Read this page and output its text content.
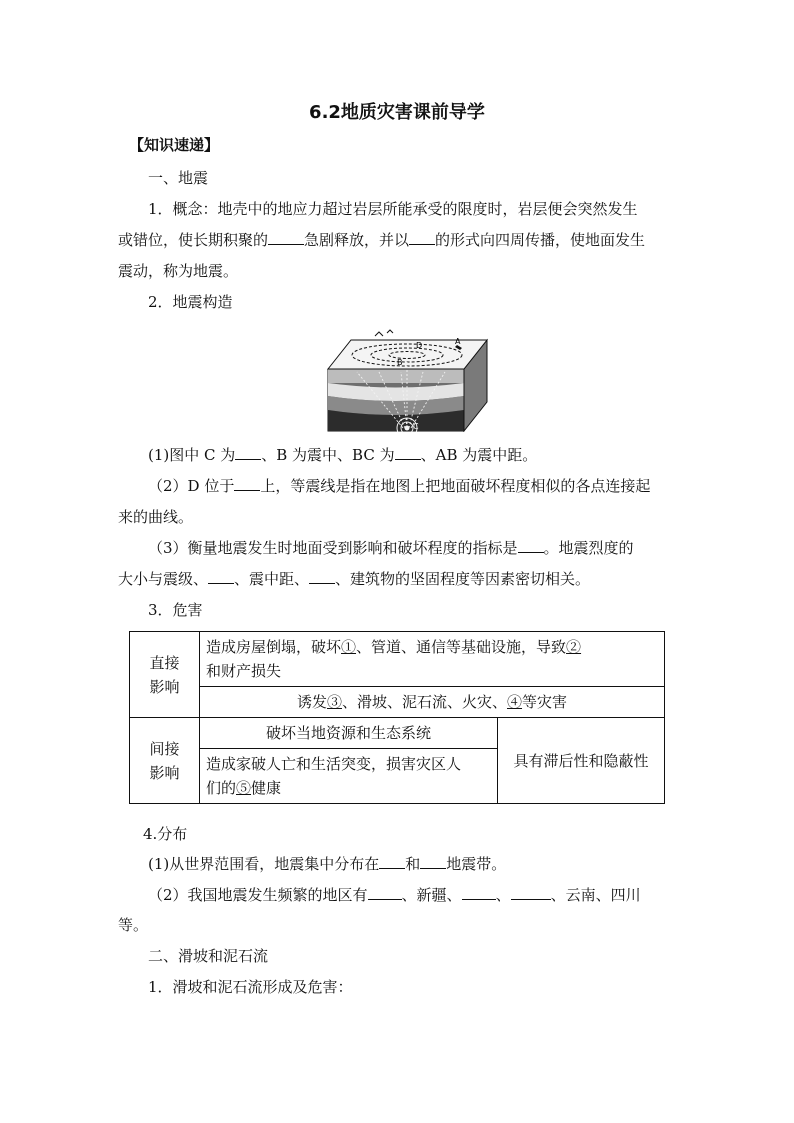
6.2地质灾害课前导学
【知识速递】
一、地震
1．概念：地壳中的地应力超过岩层所能承受的限度时，岩层便会突然发生
或错位，使长期积聚的 急剧释放，并以 的形式向四周传播，使地面发生
震动，称为地震。
2．地震构造
A
D
B
C
(1)图中 C 为 、B 为震中、BC 为 、AB 为震中距。
（2）D 位于 上，等震线是指在地图上把地面破坏程度相似的各点连接起
来的曲线。
（3）衡量地震发生时地面受到影响和破坏程度的指标是 。地震烈度的
大小与震级、 、震中距、 、建筑物的坚固程度等因素密切相关。
3．危害
直接
影响	造成房屋倒塌，破坏①、管道、通信等基础设施，导致②
和财产损失	
	诱发③、滑坡、泥石流、火灾、④等灾害	
间接
影响	破坏当地资源和生态系统	具有滞后性和隐蔽性
	造成家破人亡和生活突变，损害灾区人
们的⑤健康	
4.分布
(1)从世界范围看，地震集中分布在 和 地震带。
（2）我国地震发生频繁的地区有 、新疆、 、	、云南、四川
等。
二、滑坡和泥石流
1．滑坡和泥石流形成及危害：
